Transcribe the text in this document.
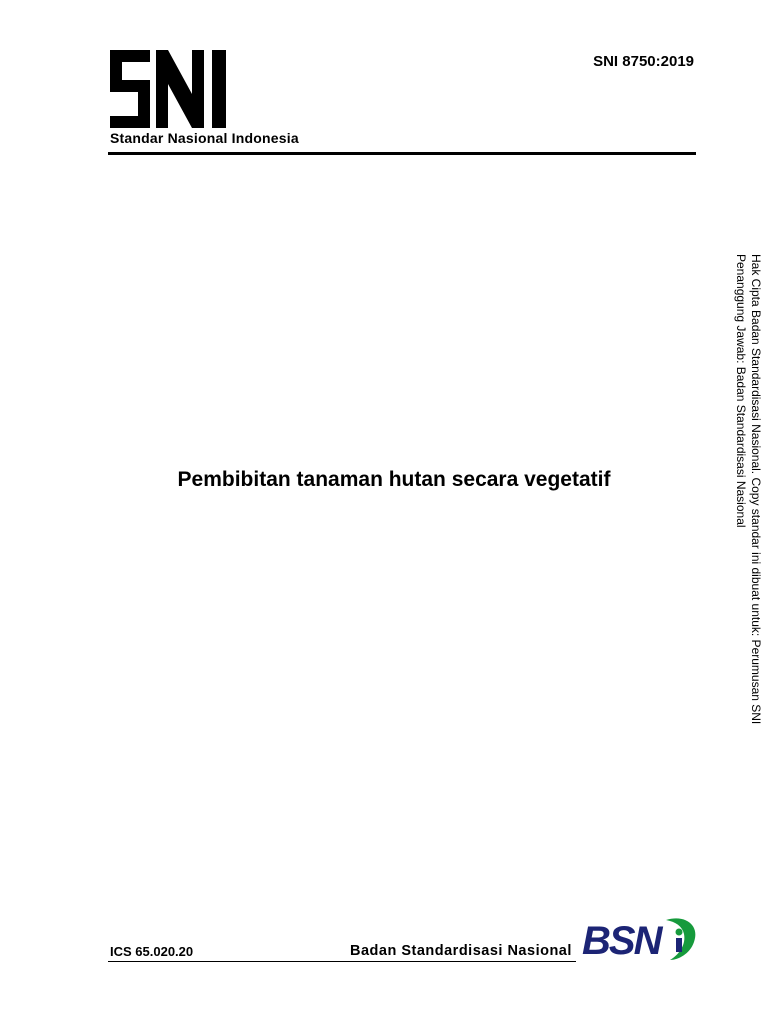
Standar Nasional Indonesia
SNI 8750:2019
Pembibitan tanaman hutan secara vegetatif	Hak Cipta Badan Standardisasi Nasional. Copy standar ini dibuat untuk: Perumusan SNI
Penanggung Jawab: Badan Standardisasi Nasional
ICS 65.020.20	Badan Standardisasi Nasional BSN
